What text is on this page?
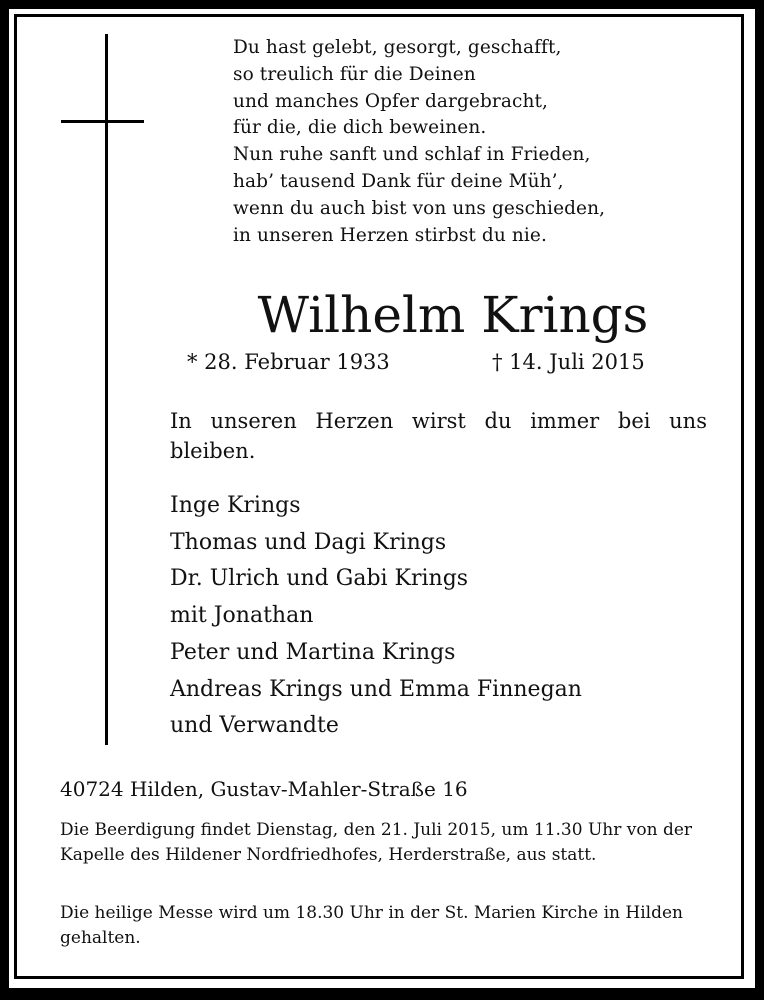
Du hast gelebt, gesorgt, geschafft,
so treulich für die Deinen
und manches Opfer dargebracht,
für die, die dich beweinen.
Nun ruhe sanft und schlaf in Frieden,
hab’ tausend Dank für deine Müh’,
wenn du auch bist von uns geschieden,
in unseren Herzen stirbst du nie.
Wilhelm Krings
* 28. Februar 1933	† 14. Juli 2015
In unseren Herzen wirst du immer bei uns bleiben.
Inge Krings
Thomas und Dagi Krings
Dr. Ulrich und Gabi Krings
mit Jonathan
Peter und Martina Krings
Andreas Krings und Emma Finnegan
und Verwandte
40724 Hilden, Gustav-Mahler-Straße 16
Die Beerdigung findet Dienstag, den 21. Juli 2015, um 11.30 Uhr von der Kapelle des Hildener Nordfriedhofes, Herderstraße, aus statt.
Die heilige Messe wird um 18.30 Uhr in der St. Marien Kirche in Hilden gehalten.
